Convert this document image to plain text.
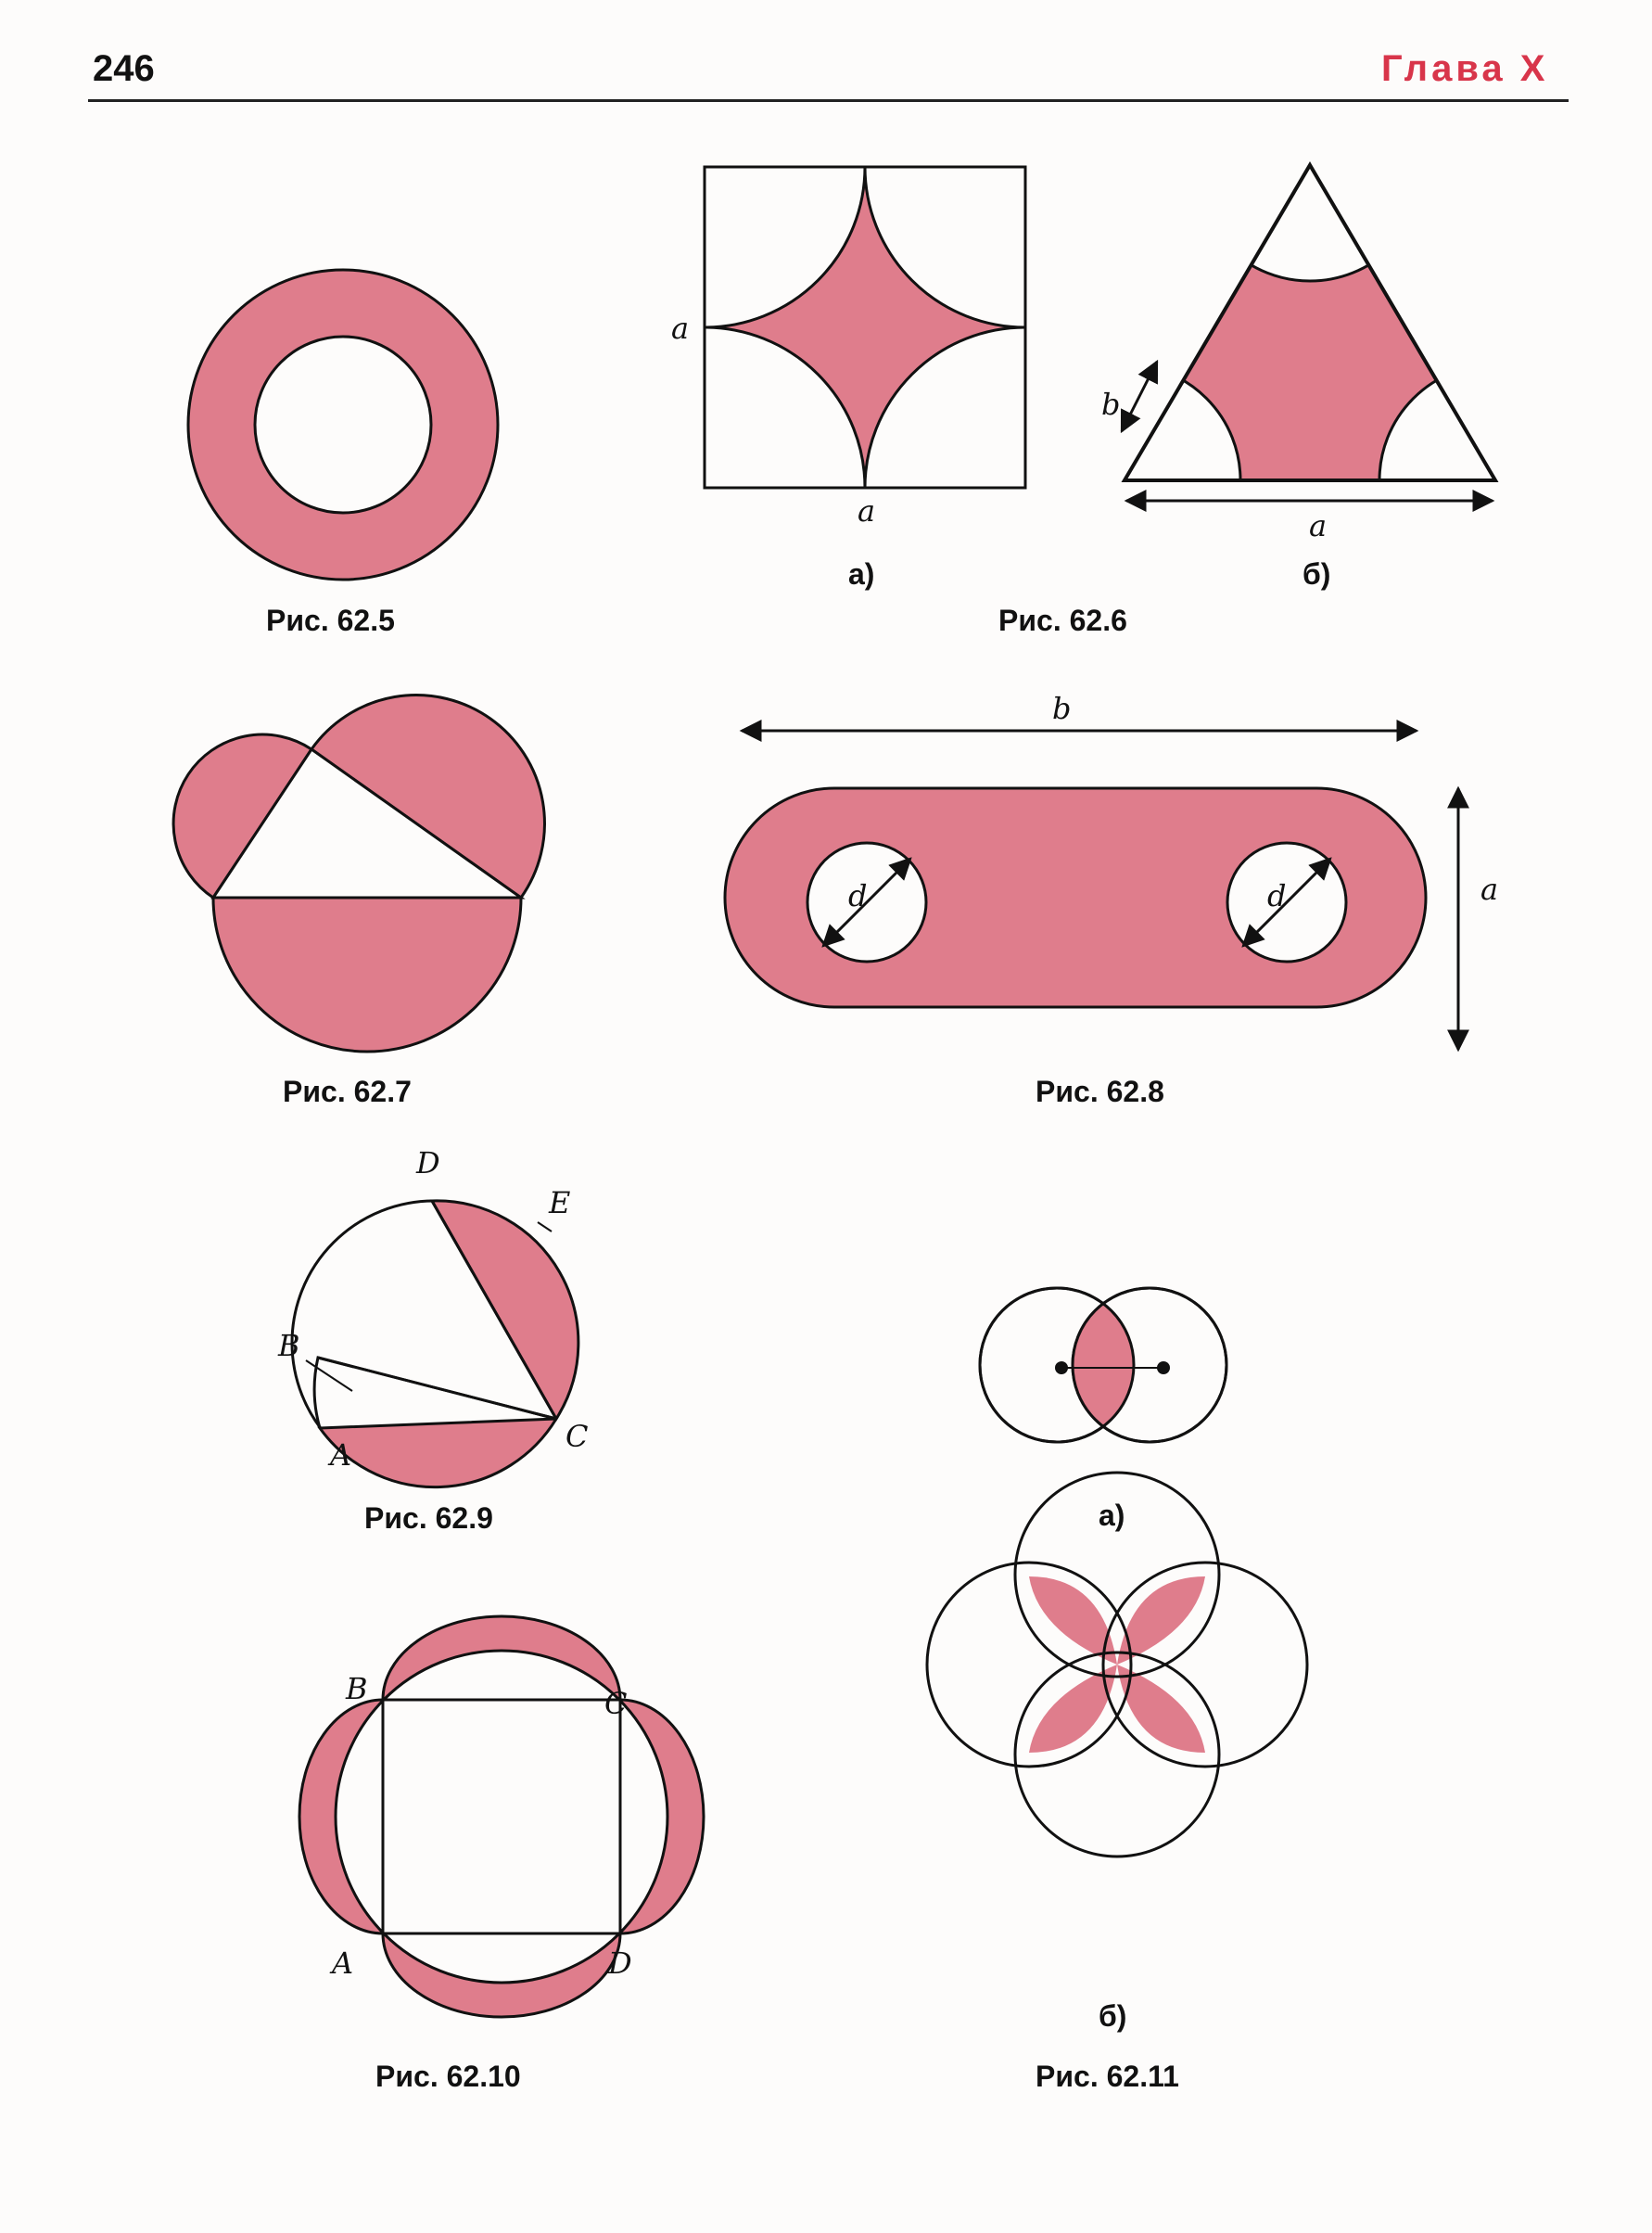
246	Глава X
Рис. 62.5
a
a
а)
b
a
б)
Рис. 62.6
Рис. 62.7
b
a
d	d
Рис. 62.8
D
E
B
A
C
Рис. 62.9	а)
B	C
A	D
Рис. 62.10
б)
Рис. 62.11
